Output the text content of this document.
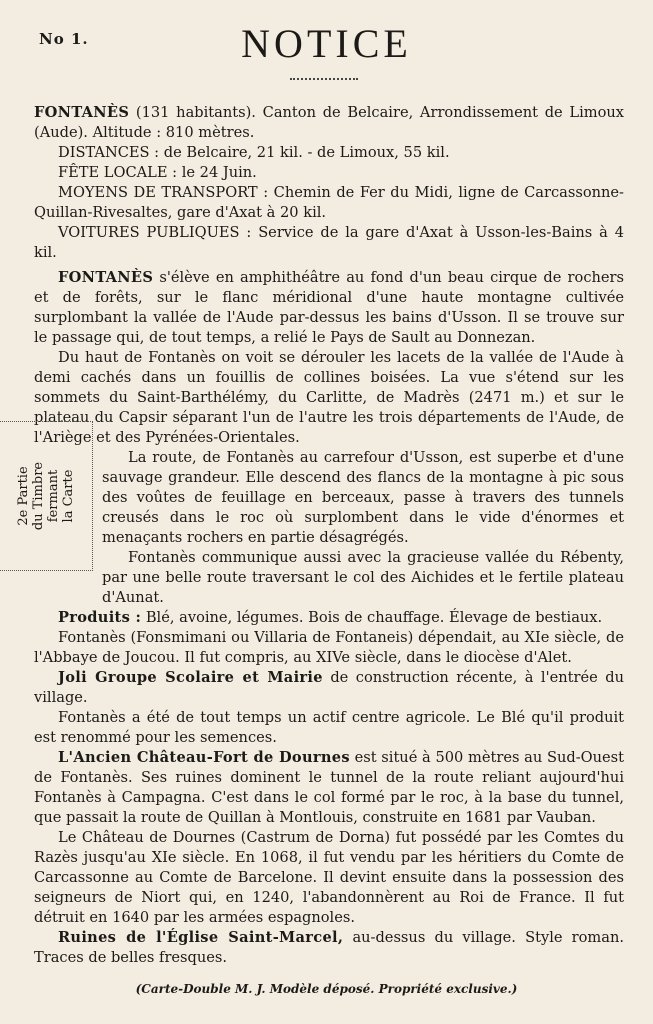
No 1.	NOTICE

FONTANÈS (131 habitants). Canton de Belcaire, Arrondissement de Limoux (Aude). Altitude : 810 mètres.

DISTANCES : de Belcaire, 21 kil. - de Limoux, 55 kil.

FÊTE LOCALE : le 24 Juin.

MOYENS DE TRANSPORT : Chemin de Fer du Midi, ligne de Carcassonne-Quillan-Rivesaltes, gare d'Axat à 20 kil.

VOITURES PUBLIQUES : Service de la gare d'Axat à Usson-les-Bains à 4 kil.

FONTANÈS s'élève en amphithéâtre au fond d'un beau cirque de rochers et de forêts, sur le flanc méridional d'une haute montagne cultivée surplombant la vallée de l'Aude par-dessus les bains d'Usson. Il se trouve sur le passage qui, de tout temps, a relié le Pays de Sault au Donnezan.

Du haut de Fontanès on voit se dérouler les lacets de la vallée de l'Aude à demi cachés dans un fouillis de collines boisées. La vue s'étend sur les sommets du Saint-Barthélémy, du Carlitte, de Madrès (2471 m.) et sur le plateau du Capsir séparant l'un de l'autre les trois départements de l'Aude, de l'Ariège et des Pyrénées-Orientales.

La route, de Fontanès au carrefour d'Usson, est superbe et d'une sauvage grandeur. Elle descend des flancs de la montagne à pic sous des voûtes de feuillage en berceaux, passe à travers des tunnels creusés dans le roc où surplombent dans le vide d'énormes et menaçants rochers en partie désagrégés.

Fontanès communique aussi avec la gracieuse vallée du Rébenty, par une belle route traversant le col des Aichides et le fertile plateau d'Aunat.

Produits : Blé, avoine, légumes. Bois de chauffage. Élevage de bestiaux.

Fontanès (Fonsmimani ou Villaria de Fontaneis) dépendait, au XIe siècle, de l'Abbaye de Joucou. Il fut compris, au XIVe siècle, dans le diocèse d'Alet.

Joli Groupe Scolaire et Mairie de construction récente, à l'entrée du village.

Fontanès a été de tout temps un actif centre agricole. Le Blé qu'il produit est renommé pour les semences.

L'Ancien Château-Fort de Dournes est situé à 500 mètres au Sud-Ouest de Fontanès. Ses ruines dominent le tunnel de la route reliant aujourd'hui Fontanès à Campagna. C'est dans le col formé par le roc, à la base du tunnel, que passait la route de Quillan à Montlouis, construite en 1681 par Vauban.

Le Château de Dournes (Castrum de Dorna) fut possédé par les Comtes du Razès jusqu'au XIe siècle. En 1068, il fut vendu par les héritiers du Comte de Carcassonne au Comte de Barcelone. Il devint ensuite dans la possession des seigneurs de Niort qui, en 1240, l'abandonnèrent au Roi de France. Il fut détruit en 1640 par les armées espagnoles.

Ruines de l'Église Saint-Marcel, au-dessus du village. Style roman. Traces de belles fresques.

2e Partie du Timbre fermant la Carte
(Carte-Double M. J. Modèle déposé. Propriété exclusive.)
